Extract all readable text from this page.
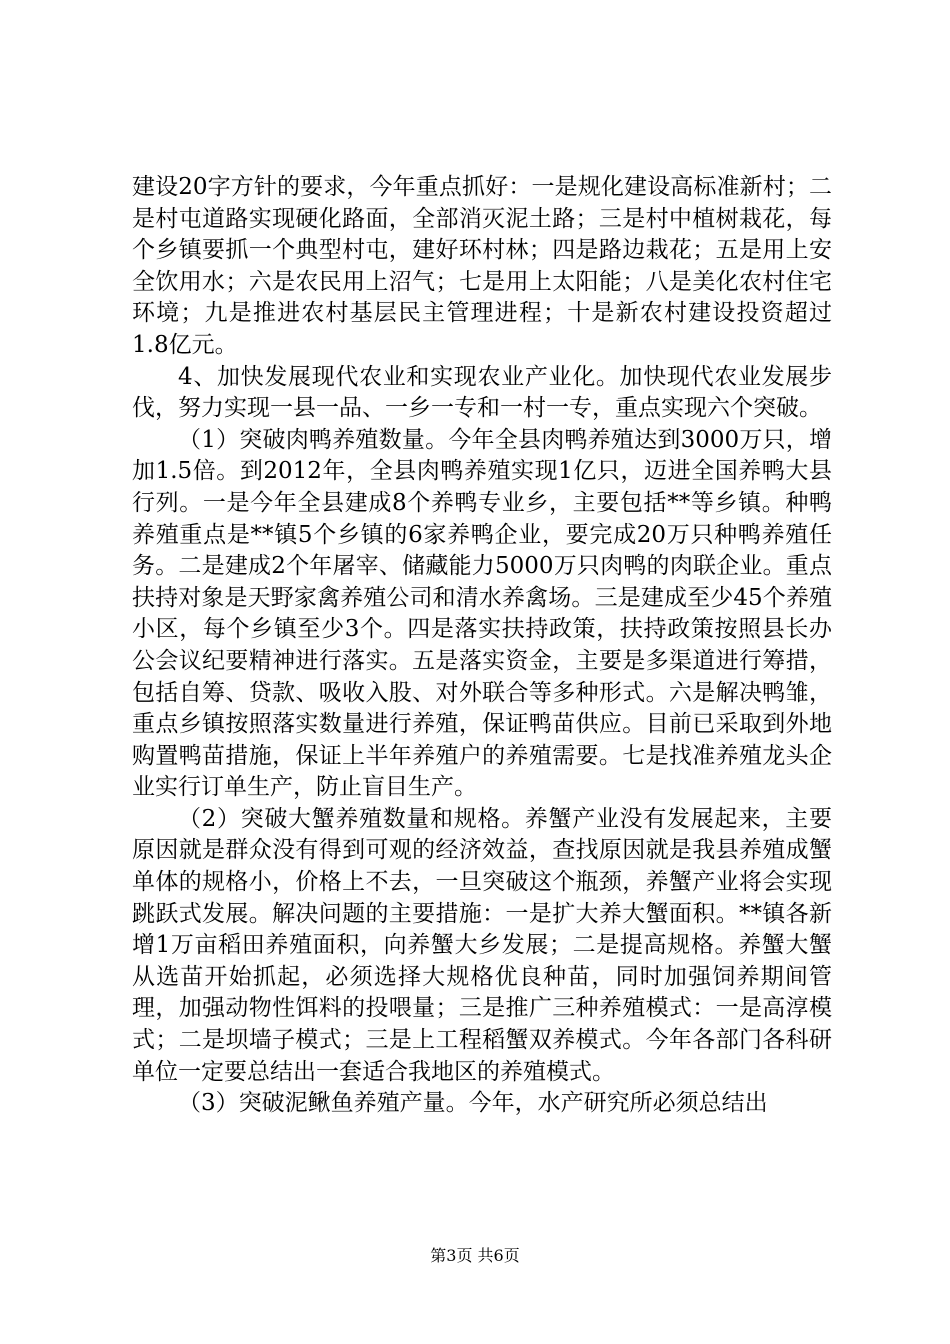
建设20字方针的要求，今年重点抓好：一是规化建设高标准新村；二是村屯道路实现硬化路面，全部消灭泥土路；三是村中植树栽花，每个乡镇要抓一个典型村屯，建好环村林；四是路边栽花；五是用上安全饮用水；六是农民用上沼气；七是用上太阳能；八是美化农村住宅环境；九是推进农村基层民主管理进程；十是新农村建设投资超过1.8亿元。

4、加快发展现代农业和实现农业产业化。加快现代农业发展步伐，努力实现一县一品、一乡一专和一村一专，重点实现六个突破。

（1）突破肉鸭养殖数量。今年全县肉鸭养殖达到3000万只，增加1.5倍。到2012年，全县肉鸭养殖实现1亿只，迈进全国养鸭大县行列。一是今年全县建成8个养鸭专业乡，主要包括**等乡镇。种鸭养殖重点是**镇5个乡镇的6家养鸭企业，要完成20万只种鸭养殖任务。二是建成2个年屠宰、储藏能力5000万只肉鸭的肉联企业。重点扶持对象是天野家禽养殖公司和清水养禽场。三是建成至少45个养殖小区，每个乡镇至少3个。四是落实扶持政策，扶持政策按照县长办公会议纪要精神进行落实。五是落实资金，主要是多渠道进行筹措，包括自筹、贷款、吸收入股、对外联合等多种形式。六是解决鸭雏，重点乡镇按照落实数量进行养殖，保证鸭苗供应。目前已采取到外地购置鸭苗措施，保证上半年养殖户的养殖需要。七是找准养殖龙头企业实行订单生产，防止盲目生产。

（2）突破大蟹养殖数量和规格。养蟹产业没有发展起来，主要原因就是群众没有得到可观的经济效益，查找原因就是我县养殖成蟹单体的规格小，价格上不去，一旦突破这个瓶颈，养蟹产业将会实现跳跃式发展。解决问题的主要措施：一是扩大养大蟹面积。**镇各新增1万亩稻田养殖面积，向养蟹大乡发展；二是提高规格。养蟹大蟹从选苗开始抓起，必须选择大规格优良种苗，同时加强饲养期间管理，加强动物性饵料的投喂量；三是推广三种养殖模式：一是高淳模式；二是坝墙子模式；三是上工程稻蟹双养模式。今年各部门各科研单位一定要总结出一套适合我地区的养殖模式。

（3）突破泥鳅鱼养殖产量。今年，水产研究所必须总结出

第3页 共6页
